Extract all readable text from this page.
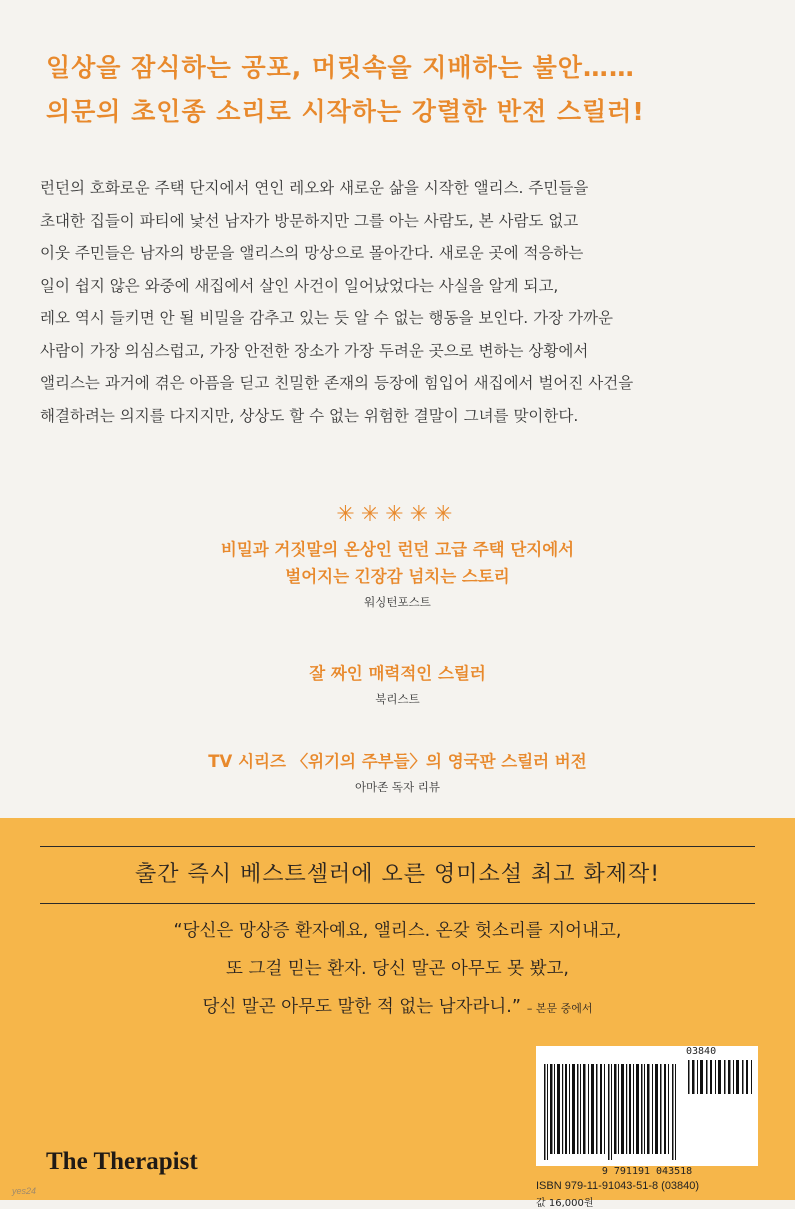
일상을 잠식하는 공포, 머릿속을 지배하는 불안……
의문의 초인종 소리로 시작하는 강렬한 반전 스릴러!
런던의 호화로운 주택 단지에서 연인 레오와 새로운 삶을 시작한 앨리스. 주민들을
초대한 집들이 파티에 낯선 남자가 방문하지만 그를 아는 사람도, 본 사람도 없고
이웃 주민들은 남자의 방문을 앨리스의 망상으로 몰아간다. 새로운 곳에 적응하는
일이 쉽지 않은 와중에 새집에서 살인 사건이 일어났었다는 사실을 알게 되고,
레오 역시 들키면 안 될 비밀을 감추고 있는 듯 알 수 없는 행동을 보인다. 가장 가까운
사람이 가장 의심스럽고, 가장 안전한 장소가 가장 두려운 곳으로 변하는 상황에서
앨리스는 과거에 겪은 아픔을 딛고 친밀한 존재의 등장에 힘입어 새집에서 벌어진 사건을
해결하려는 의지를 다지지만, 상상도 할 수 없는 위험한 결말이 그녀를 맞이한다.
✳✳✳✳✳
비밀과 거짓말의 온상인 런던 고급 주택 단지에서
벌어지는 긴장감 넘치는 스토리
워싱턴포스트
잘 짜인 매력적인 스릴러
북리스트
TV 시리즈 〈위기의 주부들〉의 영국판 스릴러 버전
아마존 독자 리뷰
출간 즉시 베스트셀러에 오른 영미소설 최고 화제작!
“당신은 망상증 환자예요, 앨리스. 온갖 헛소리를 지어내고,
또 그걸 믿는 환자. 당신 말곤 아무도 못 봤고,
당신 말곤 아무도 말한 적 없는 남자라니.” – 본문 중에서
03840
9 791191 043518
ISBN 979-11-91043-51-8 (03840)
값 16,000원
The Therapist
yes24
